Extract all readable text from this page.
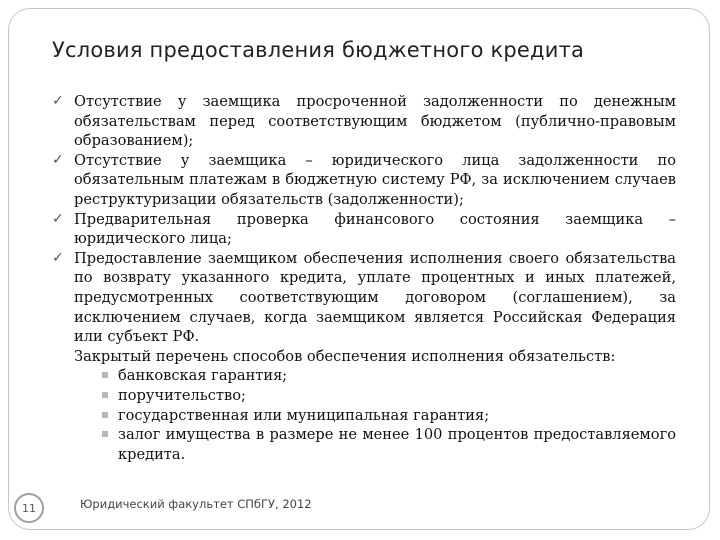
Условия предоставления бюджетного кредита

✓ Отсутствие у заемщика просроченной задолженности по денежным обязательствам перед соответствующим бюджетом (публично-правовым образованием);

✓ Отсутствие у заемщика – юридического лица задолженности по обязательным платежам в бюджетную систему РФ, за исключением случаев реструктуризации обязательств (задолженности);

✓ Предварительная проверка финансового состояния заемщика – юридического лица;

✓ Предоставление заемщиком обеспечения исполнения своего обязательства по возврату указанного кредита, уплате процентных и иных платежей, предусмотренных соответствующим договором (соглашением), за исключением случаев, когда заемщиком является Российская Федерация или субъект РФ.

Закрытый перечень способов обеспечения исполнения обязательств:

банковская гарантия;

поручительство;

государственная или муниципальная гарантия;

залог имущества в размере не менее 100 процентов предоставляемого кредита.

11	Юридический факультет СПбГУ, 2012
